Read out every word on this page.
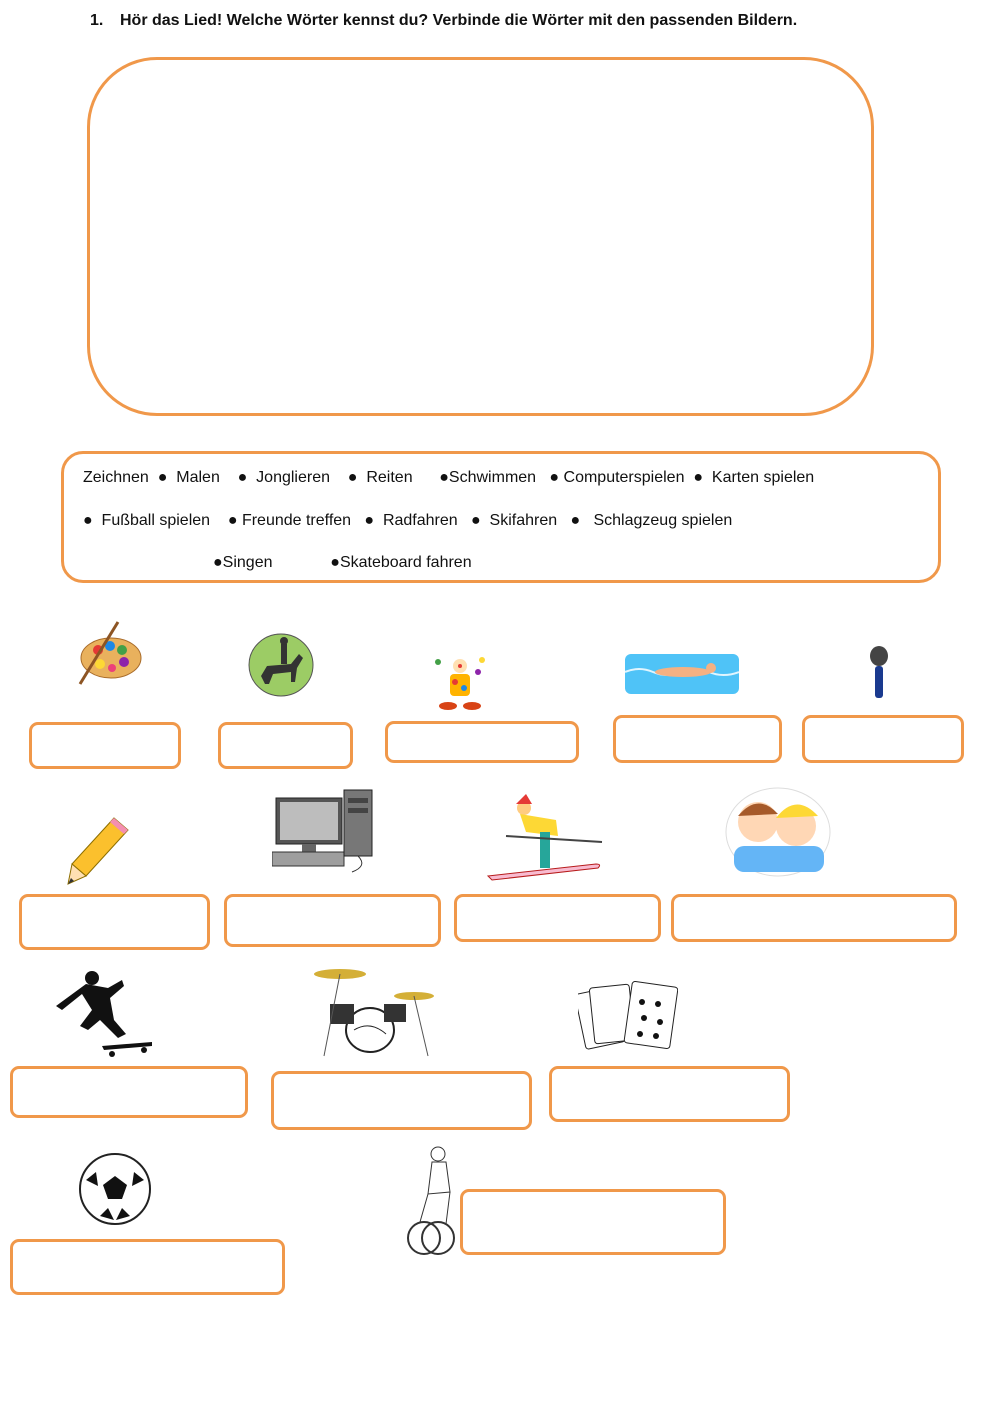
1. Hör das Lied! Welche Wörter kennst du? Verbinde die Wörter mit den passenden Bildern.
Zeichnen  ●  Malen    ●  Jonglieren    ●  Reiten      ●Schwimmen   ● Computerspielen  ●  Karten spielen
●  Fußball spielen    ● Freunde treffen   ●  Radfahren   ●  Skifahren   ●   Schlagzeug spielen
●Singen             ●Skateboard fahren
